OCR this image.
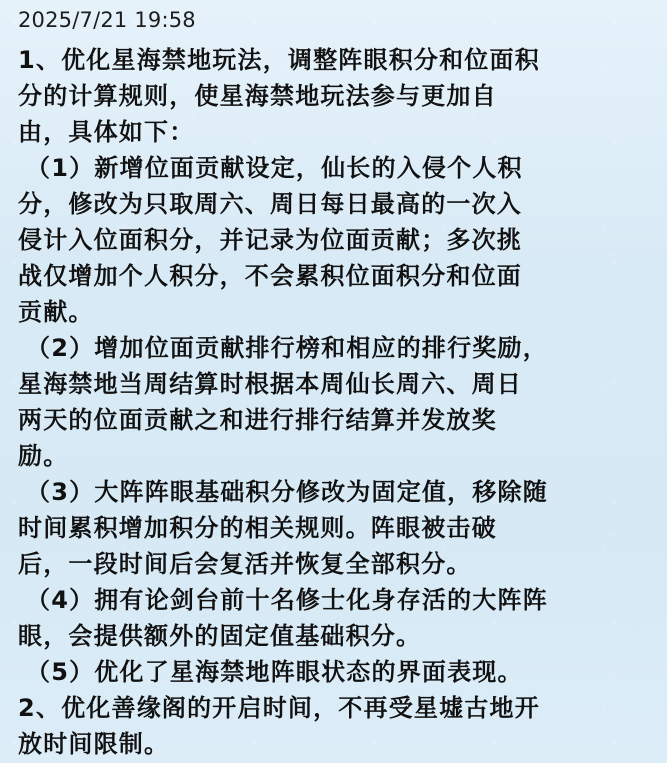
2025/7/21 19:58
1、优化星海禁地玩法，调整阵眼积分和位面积
分的计算规则，使星海禁地玩法参与更加自
由，具体如下：
（1）新增位面贡献设定，仙长的入侵个人积
分，修改为只取周六、周日每日最高的一次入
侵计入位面积分，并记录为位面贡献；多次挑
战仅增加个人积分，不会累积位面积分和位面
贡献。
（2）增加位面贡献排行榜和相应的排行奖励，
星海禁地当周结算时根据本周仙长周六、周日
两天的位面贡献之和进行排行结算并发放奖
励。
（3）大阵阵眼基础积分修改为固定值，移除随
时间累积增加积分的相关规则。阵眼被击破
后，一段时间后会复活并恢复全部积分。
（4）拥有论剑台前十名修士化身存活的大阵阵
眼，会提供额外的固定值基础积分。
（5）优化了星海禁地阵眼状态的界面表现。
2、优化善缘阁的开启时间，不再受星墟古地开
放时间限制。
